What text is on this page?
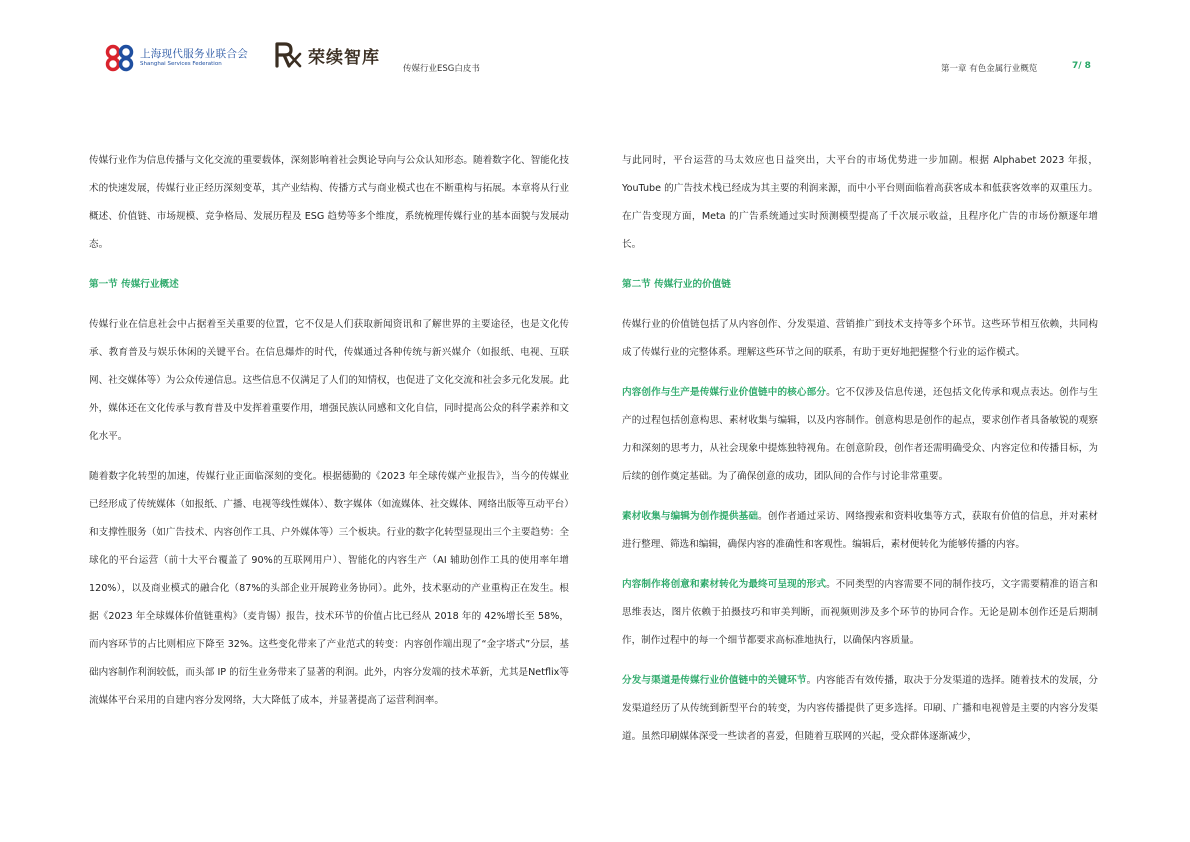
上海现代服务业联合会
Shanghai Services Federation	荣续智库
传媒行业ESG白皮书	第一章 有色金属行业概览	7/ 8

传媒行业作为信息传播与文化交流的重要载体，深刻影响着社会舆论导向与公众认知形态。随着数字化、智能化技术的快速发展，传媒行业正经历深刻变革，其产业结构、传播方式与商业模式也在不断重构与拓展。本章将从行业概述、价值链、市场规模、竞争格局、发展历程及 ESG 趋势等多个维度，系统梳理传媒行业的基本面貌与发展动态。

第一节 传媒行业概述

传媒行业在信息社会中占据着至关重要的位置，它不仅是人们获取新闻资讯和了解世界的主要途径，也是文化传承、教育普及与娱乐休闲的关键平台。在信息爆炸的时代，传媒通过各种传统与新兴媒介（如报纸、电视、互联网、社交媒体等）为公众传递信息。这些信息不仅满足了人们的知情权，也促进了文化交流和社会多元化发展。此外，媒体还在文化传承与教育普及中发挥着重要作用，增强民族认同感和文化自信，同时提高公众的科学素养和文化水平。

随着数字化转型的加速，传媒行业正面临深刻的变化。根据德勤的《2023 年全球传媒产业报告》，当今的传媒业已经形成了传统媒体（如报纸、广播、电视等线性媒体）、数字媒体（如流媒体、社交媒体、网络出版等互动平台）和支撑性服务（如广告技术、内容创作工具、户外媒体等）三个板块。行业的数字化转型显现出三个主要趋势：全球化的平台运营（前十大平台覆盖了 90%的互联网用户）、智能化的内容生产（AI 辅助创作工具的使用率年增 120%），以及商业模式的融合化（87%的头部企业开展跨业务协同）。此外，技术驱动的产业重构正在发生。根据《2023 年全球媒体价值链重构》（麦肯锡）报告，技术环节的价值占比已经从 2018 年的 42%增长至 58%，而内容环节的占比则相应下降至 32%。这些变化带来了产业范式的转变：内容创作端出现了“金字塔式”分层，基础内容制作利润较低，而头部 IP 的衍生业务带来了显著的利润。此外，内容分发端的技术革新，尤其是Netflix等流媒体平台采用的自建内容分发网络，大大降低了成本，并显著提高了运营利润率。

与此同时，平台运营的马太效应也日益突出，大平台的市场优势进一步加剧。根据 Alphabet 2023 年报，YouTube 的广告技术栈已经成为其主要的利润来源，而中小平台则面临着高获客成本和低获客效率的双重压力。在广告变现方面，Meta 的广告系统通过实时预测模型提高了千次展示收益，且程序化广告的市场份额逐年增长。

第二节 传媒行业的价值链

传媒行业的价值链包括了从内容创作、分发渠道、营销推广到技术支持等多个环节。这些环节相互依赖，共同构成了传媒行业的完整体系。理解这些环节之间的联系，有助于更好地把握整个行业的运作模式。

内容创作与生产是传媒行业价值链中的核心部分。它不仅涉及信息传递，还包括文化传承和观点表达。创作与生产的过程包括创意构思、素材收集与编辑，以及内容制作。创意构思是创作的起点，要求创作者具备敏锐的观察力和深刻的思考力，从社会现象中提炼独特视角。在创意阶段，创作者还需明确受众、内容定位和传播目标，为后续的创作奠定基础。为了确保创意的成功，团队间的合作与讨论非常重要。

素材收集与编辑为创作提供基础。创作者通过采访、网络搜索和资料收集等方式，获取有价值的信息，并对素材进行整理、筛选和编辑，确保内容的准确性和客观性。编辑后，素材便转化为能够传播的内容。

内容制作将创意和素材转化为最终可呈现的形式。不同类型的内容需要不同的制作技巧，文字需要精准的语言和思维表达，图片依赖于拍摄技巧和审美判断，而视频则涉及多个环节的协同合作。无论是剧本创作还是后期制作，制作过程中的每一个细节都要求高标准地执行，以确保内容质量。

分发与渠道是传媒行业价值链中的关键环节。内容能否有效传播，取决于分发渠道的选择。随着技术的发展，分发渠道经历了从传统到新型平台的转变，为内容传播提供了更多选择。印刷、广播和电视曾是主要的内容分发渠道。虽然印刷媒体深受一些读者的喜爱，但随着互联网的兴起，受众群体逐渐减少，
